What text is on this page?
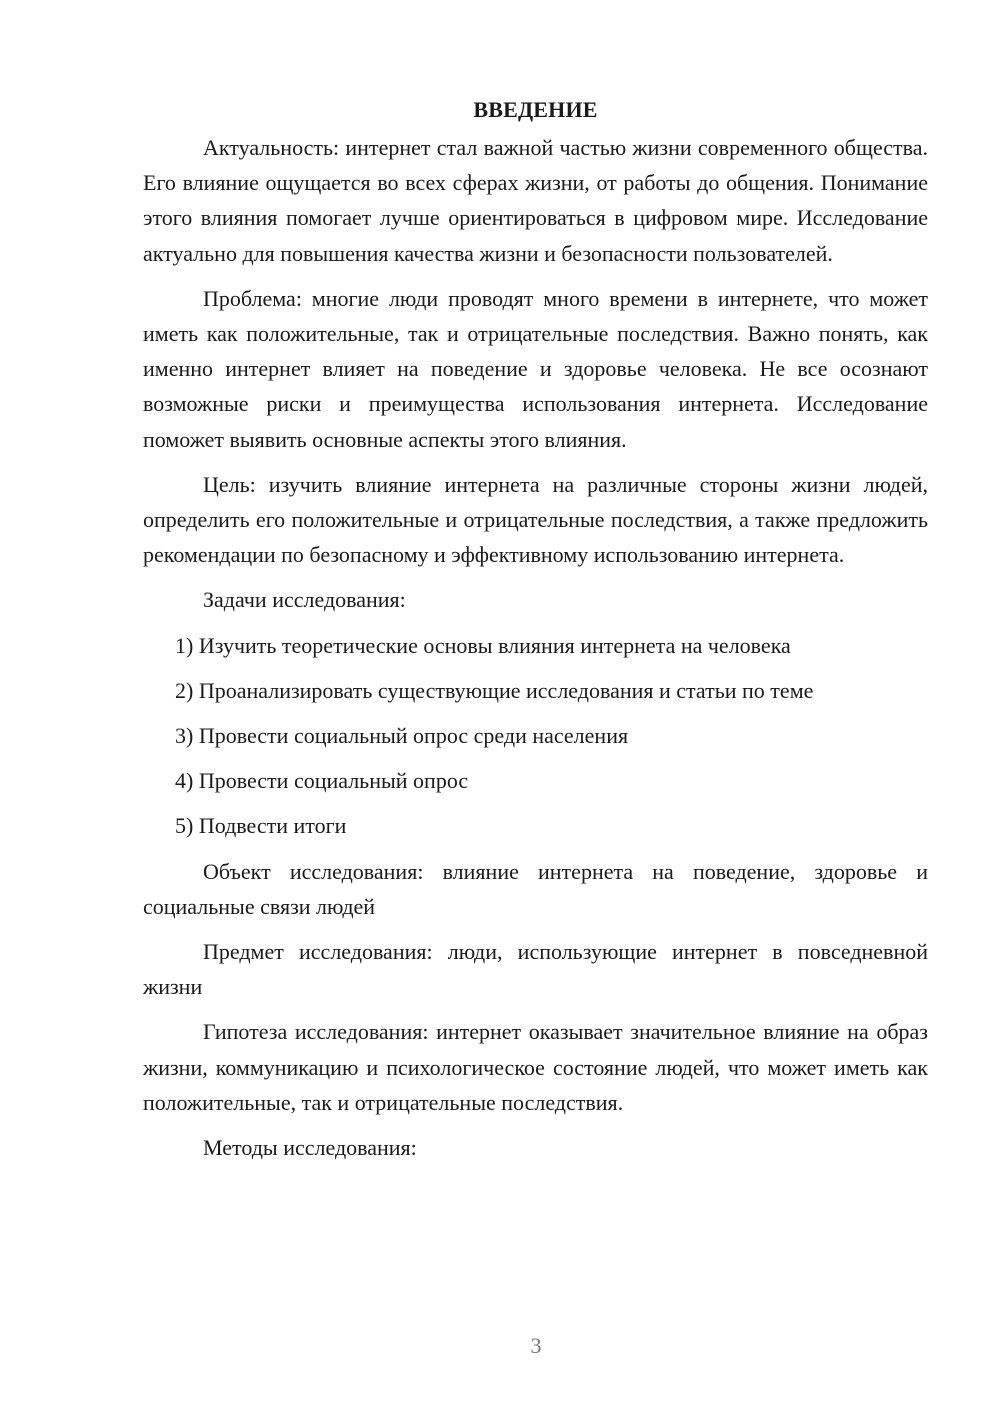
ВВЕДЕНИЕ

Актуальность: интернет стал важной частью жизни современного общества. Его влияние ощущается во всех сферах жизни, от работы до общения. Понимание этого влияния помогает лучше ориентироваться в цифровом мире. Исследование актуально для повышения качества жизни и безопасности пользователей.

Проблема: многие люди проводят много времени в интернете, что может иметь как положительные, так и отрицательные последствия. Важно понять, как именно интернет влияет на поведение и здоровье человека. Не все осознают возможные риски и преимущества использования интернета. Исследование поможет выявить основные аспекты этого влияния.

Цель: изучить влияние интернета на различные стороны жизни людей, определить его положительные и отрицательные последствия, а также предложить рекомендации по безопасному и эффективному использованию интернета.

Задачи исследования:

1) Изучить теоретические основы влияния интернета на человека
2) Проанализировать существующие исследования и статьи по теме
3) Провести социальный опрос среди населения
4) Провести социальный опрос
5) Подвести итоги

Объект исследования: влияние интернета на поведение, здоровье и социальные связи людей

Предмет исследования: люди, использующие интернет в повседневной жизни

Гипотеза исследования: интернет оказывает значительное влияние на образ жизни, коммуникацию и психологическое состояние людей, что может иметь как положительные, так и отрицательные последствия.

Методы исследования:

3
